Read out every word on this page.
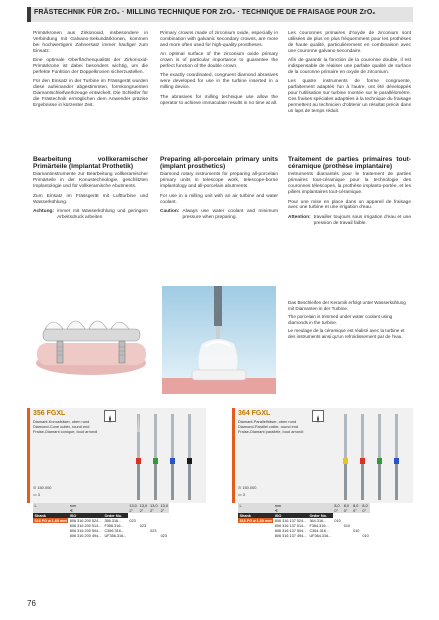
FRÄSTECHNIK FÜR ZrO₂ · MILLING TECHNIQUE FOR ZrO₂ · TECHNIQUE DE FRAISAGE POUR ZrO₂

Primärkronen aus Zirkonoxid, insbesondere in Verbindung mit Galvano-Sekundärkronen, kommen bei hochwertigem Zahnersatz immer häufiger zum Einsatz.

Eine optimale Oberflächenqualität der Zirkonoxid-Primärkrone ist dabei besonders wichtig, um die perfekte Funktion der Doppelkronen sicherzustellen.

Für den Einsatz in der Turbine im Frässgerät wurden diese aufeinander abgestimmten, formkongruenten Diamantschleifwerkzeuge entwickelt. Die Schleifer für die Frästechnik ermöglichen dem Anwender präzise Ergebnisse in kürzester Zeit.

Bearbeitung vollkeramischer Primärteile (Implantat Prothetik)

Diamantinstrumente zur Bearbeitung vollkeramischer Primärteile in der Konustechnologie, geschlitzten Implantologie und für vollkeramische Abutments.

Zum Einsatz im Frässgerät mit Luftturbine und Wasserkühlung.

Achtung: immer mit Wasserkühlung und geringem Arbeitsdruck arbeiten

Primary crowns made of zirconium oxide, especially in combination with galvanic secondary crowns, are more and more often used for high-quality prostheses.

An optimal surface of the zirconium oxide primary crown is of particular importance to guarantee the perfect function of the double crown.

The exactly coordinated, congruent diamond abrasives were developed for use in the turbine inserted in a milling device.

The abrasives for milling technique use allow the operator to achieve immaculate results in no time at all.

Preparing all-porcelain primary units (implant prosthetics)

Diamond rotary instruments for preparing all-porcelain primary units in telescope work, telescope-borne implantology and all-porcelain abutments.

For use in a milling unit with an air turbine and water coolant.

Caution: Always use water coolant and minimum pressure when preparing.

Les couronnes primaires d'oxyde de zirconium sont utilisées de plus en plus fréquemment pour les prothèses de haute qualité, particulièrement en combinaison avec une couronne galvano secondaire.

Afin de garantir la fonction de la couronne double, il est indispensable de réaliser une parfaite qualité de surface de la couronne primaire en oxyde de zirconium.

Les quatre instruments de forme congruente, parfaitement adaptés l'un à l'autre, ont été développés pour l'utilisation sur turbine montée sur le parallélomètre. Ces fraises spéciales adaptées à la technique du fraisage permettent au technicien d'obtenir un résultat précis dans un laps de temps réduit.

Traitement de parties primaires tout-céramique (prothèse implantaire)

Instruments diamantés pour le traitement de parties primaires tout-céramique pour la technologie des couronnes télescopes, la prothèse implanto-portée, et les piliers implantaires tout-céramique.

Pour une mise en place dans un appareil de fraisage avec une turbine et une irrigation d'eau.

Attention: travailler toujours sous irrigation d'eau et une pression de travail faible.

Das Beschleifen der Keramik erfolgt unter Wasserkühlung mit Diamanten in der Turbine.

The porcelain is trimmed under water coolant using diamonds in the turbine.

Le meulage de la céramique est réalisé avec la turbine et des instruments ainsi qu'un refroidissement par de l'eau.

356 FGXL
Diamant-Konusfräser, oben rund
Diamond-Cone cutter, round end
Fraise-Diamant conique, bout arrondi
⊙ 150.000
▭ 3
L	mm		13,0	13,0	13,0	13,0
	∢		2°	2°	2°	2°
Shank	ISO	Order No.				
316 FG ⌀ 1,60 mm	806 316 200 524...	356.316...	023			
	806 316 200 514...	F356.316...		023		
	806 316 200 504...	C356.316...			023	
	806 316 200 494...	UF356.316...				023
364 FGXL
Diamant-Parallelfräser, oben rund
Diamond-Parallel cutter, round end
Fraise-Diamant parallèle, bout arrondi
⊙ 150.000
▭ 3
L	mm		8,0	8,0	8,0	8,0
	∢		0°	0°	0°	0°
Shank	ISO	Order No.				
316 FG ⌀ 1,60 mm	806 316 137 524...	364.316...	010			
	806 316 137 514...	F364.316...		010		
	806 316 137 504...	C364.316...			010	
	806 316 137 494...	UF364.316...				010
76
